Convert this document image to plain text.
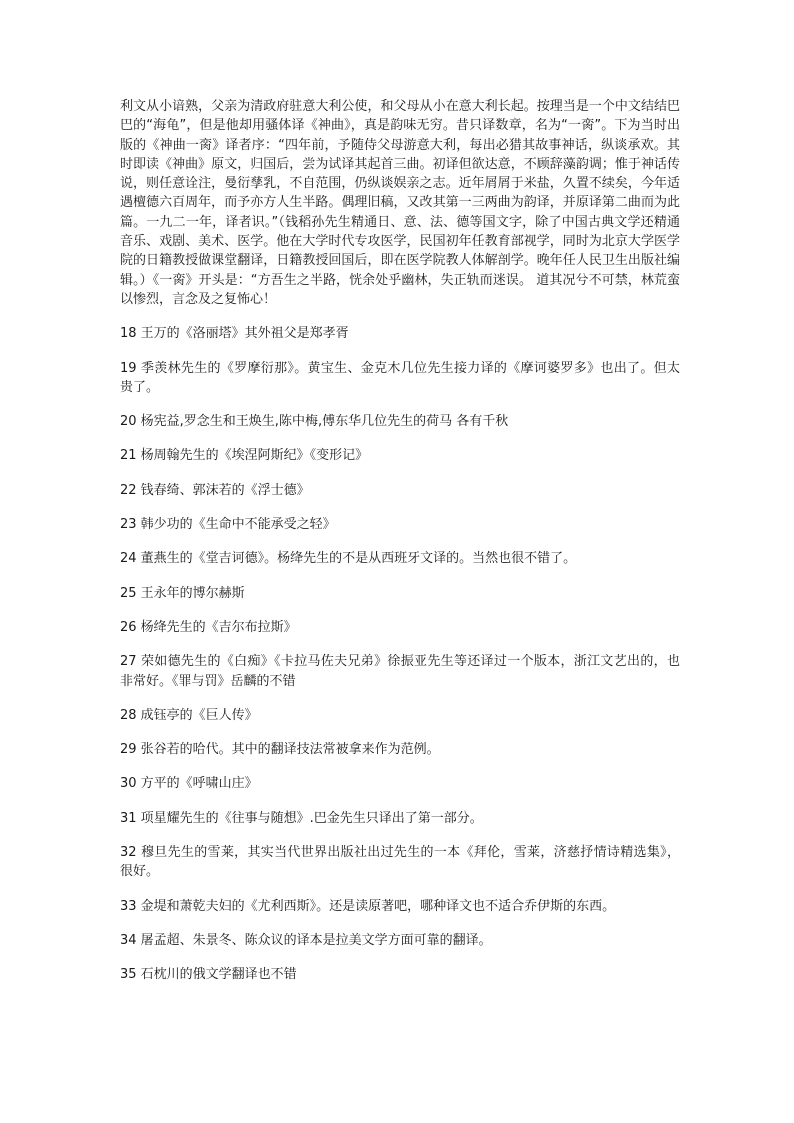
利文从小谙熟，父亲为清政府驻意大利公使，和父母从小在意大利长起。按理当是一个中文结结巴巴的“海龟”，但是他却用骚体译《神曲》，真是韵味无穷。昔只译数章，名为“一脔”。下为当时出版的《神曲一脔》译者序：“四年前，予随侍父母游意大利，每出必猎其故事神话，纵谈承欢。其时即读《神曲》原文，归国后，尝为试译其起首三曲。初译但欲达意，不顾辞藻韵调；惟于神话传说，则任意诠注，曼衍孳乳，不自范围，仍纵谈娱亲之志。近年屑屑于米盐，久置不续矣，今年适遇檀德六百周年，而予亦方人生半路。偶理旧稿，又改其第一三两曲为韵译，并原译第二曲而为此篇。一九二一年，译者识。”（钱稻孙先生精通日、意、法、德等国文字，除了中国古典文学还精通音乐、戏剧、美术、医学。他在大学时代专攻医学，民国初年任教育部视学，同时为北京大学医学院的日籍教授做课堂翻译，日籍教授回国后，即在医学院教人体解剖学。晚年任人民卫生出版社编辑。）《一脔》开头是：“方吾生之半路，恍余处乎幽林，失正轨而迷误。 道其况兮不可禁，林荒蛮以惨烈，言念及之复怖心！

18 王万的《洛丽塔》其外祖父是郑孝胥

19 季羡林先生的《罗摩衍那》。黄宝生、金克木几位先生接力译的《摩诃婆罗多》也出了。但太贵了。

20 杨宪益,罗念生和王焕生,陈中梅,傅东华几位先生的荷马 各有千秋

21 杨周翰先生的《埃涅阿斯纪》《变形记》

22 钱春绮、郭沫若的《浮士德》

23 韩少功的《生命中不能承受之轻》

24 董燕生的《堂吉诃德》。杨绛先生的不是从西班牙文译的。当然也很不错了。

25 王永年的博尔赫斯

26 杨绛先生的《吉尔布拉斯》

27 荣如德先生的《白痴》《卡拉马佐夫兄弟》徐振亚先生等还译过一个版本，浙江文艺出的，也非常好。《罪与罚》岳麟的不错

28 成钰亭的《巨人传》

29 张谷若的哈代。其中的翻译技法常被拿来作为范例。

30 方平的《呼啸山庄》

31 项星耀先生的《往事与随想》.巴金先生只译出了第一部分。

32 穆旦先生的雪莱，其实当代世界出版社出过先生的一本《拜伦，雪莱，济慈抒情诗精选集》，很好。

33 金堤和萧乾夫妇的《尤利西斯》。还是读原著吧，哪种译文也不适合乔伊斯的东西。

34 屠孟超、朱景冬、陈众议的译本是拉美文学方面可靠的翻译。

35 石枕川的俄文学翻译也不错
